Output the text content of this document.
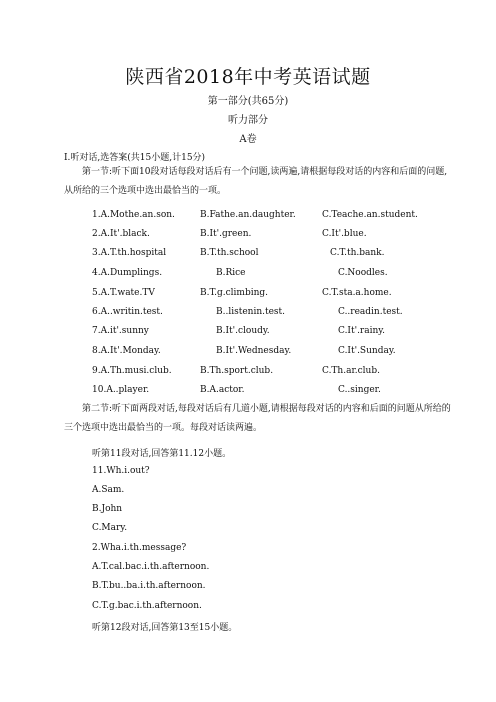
陕西省2018年中考英语试题
第一部分(共65分)
听力部分
A卷
I.听对话,选答案(共15小题,计15分)
第一节:听下面10段对话每段对话后有一个问题,读两遍,请根据每段对话的内容和后面的问题,从所给的三个选项中选出最恰当的一项。
1.A.Mothe.an.son.	B.Fathe.an.daughter.	C.Teache.an.student.
2.A.It'.black.	B.It'.green.	C.It'.blue.
3.A.T.th.hospital	B.T.th.school	C.T.th.bank.
4.A.Dumplings.	B.Rice	C.Noodles.
5.A.T.wate.TV	B.T.g.climbing.	C.T.sta.a.home.
6.A..writin.test.	B..listenin.test.	C..readin.test.
7.A.it'.sunny	B.It'.cloudy.	C.It'.rainy.
8.A.It'.Monday.	B.It'.Wednesday.	C.It'.Sunday.
9.A.Th.musi.club.	B.Th.sport.club.	C.Th.ar.club.
10.A..player.	B.A.actor.	C..singer.
第二节:听下面两段对话,每段对话后有几道小题,请根据每段对话的内容和后面的问题从所给的三个选项中选出最恰当的一项。每段对话读两遍。
听第11段对话,回答第11.12小题。
11.Wh.i.out?
A.Sam.
B.John
C.Mary.
2.Wha.i.th.message?
A.T.cal.bac.i.th.afternoon.
B.T.bu..ba.i.th.afternoon.
C.T.g.bac.i.th.afternoon.
听第12段对话,回答第13至15小题。
